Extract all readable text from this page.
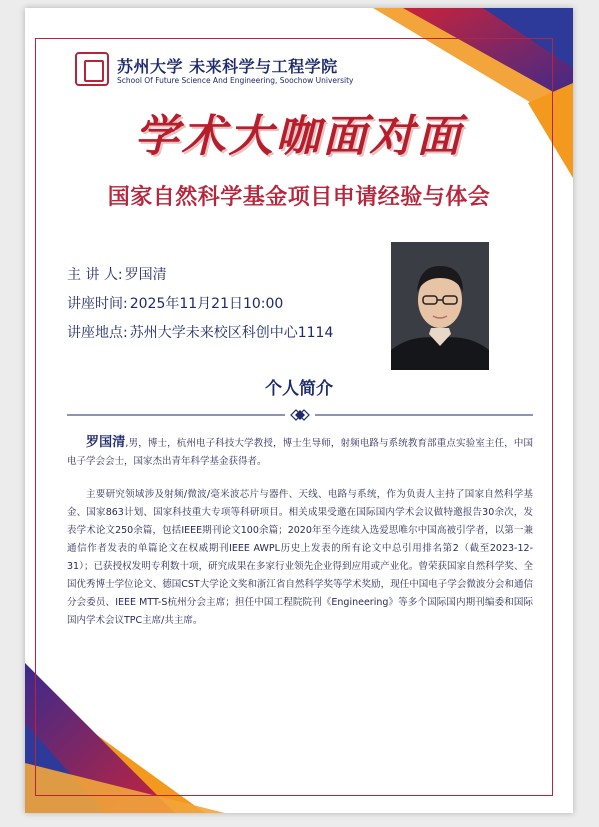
苏州大学 未来科学与工程学院
School Of Future Science And Engineering, Soochow University
学术大咖面对面
国家自然科学基金项目申请经验与体会
主 讲 人: 罗国清
讲座时间: 2025年11月21日10:00
讲座地点: 苏州大学未来校区科创中心1114
个人简介
罗国清,男，博士，杭州电子科技大学教授，博士生导师，射频电路与系统教育部重点实验室主任，中国电子学会会士，国家杰出青年科学基金获得者。
主要研究领域涉及射频/微波/毫米波芯片与器件、天线、电路与系统，作为负责人主持了国家自然科学基金、国家863计划、国家科技重大专项等科研项目。相关成果受邀在国际国内学术会议做特邀报告30余次，发表学术论文250余篇，包括IEEE期刊论文100余篇；2020年至今连续入选爱思唯尔中国高被引学者，以第一兼通信作者发表的单篇论文在权威期刊IEEE AWPL历史上发表的所有论文中总引用排名第2（截至2023-12-31）；已获授权发明专利数十项，研究成果在多家行业领先企业得到应用或产业化。曾荣获国家自然科学奖、全国优秀博士学位论文、德国CST大学论文奖和浙江省自然科学奖等学术奖励，现任中国电子学会微波分会和通信分会委员、IEEE MTT-S杭州分会主席；担任中国工程院院刊《Engineering》等多个国际国内期刊编委和国际国内学术会议TPC主席/共主席。
